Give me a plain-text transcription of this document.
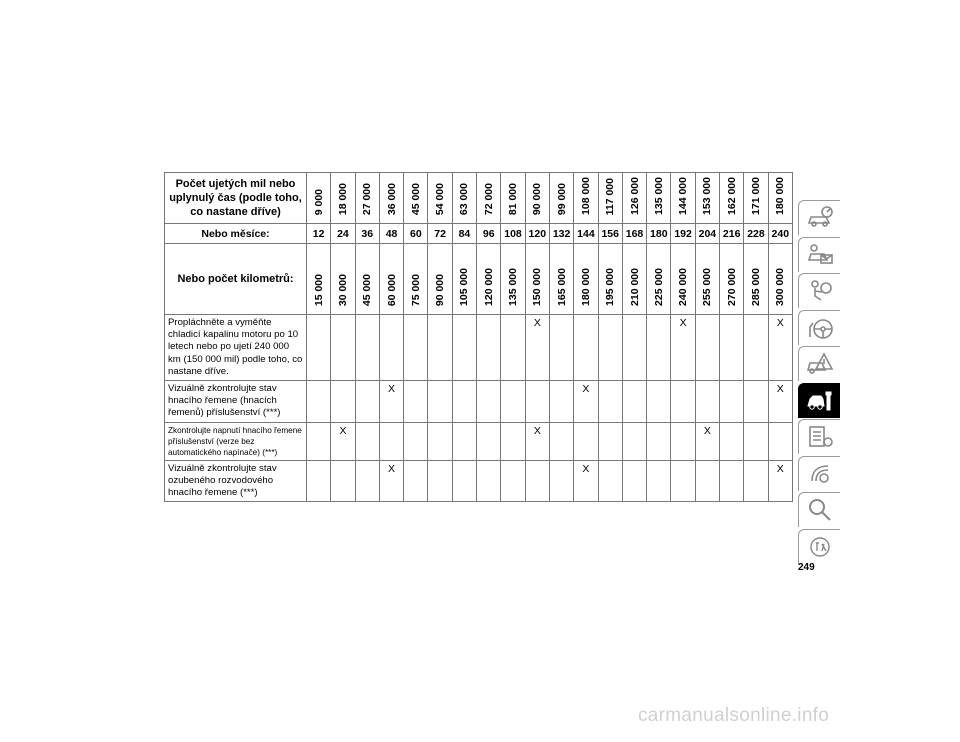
Počet ujetých mil nebo uplynulý čas (podle toho, co nastane dříve)	9 000	18 000	27 000	36 000	45 000	54 000	63 000	72 000	81 000	90 000	99 000	108 000	117 000	126 000	135 000	144 000	153 000	162 000	171 000	180 000
Nebo měsíce:	12	24	36	48	60	72	84	96	108	120	132	144	156	168	180	192	204	216	228	240
Nebo počet kilometrů:	15 000	30 000	45 000	60 000	75 000	90 000	105 000	120 000	135 000	150 000	165 000	180 000	195 000	210 000	225 000	240 000	255 000	270 000	285 000	300 000
Propláchněte a vyměňte chladicí kapalinu motoru po 10 letech nebo po ujetí 240 000 km (150 000 mil) podle toho, co nastane dříve.										X						X				X
Vizuálně zkontrolujte stav hnacího řemene (hnacích řemenů) příslušenství (***)				X								X								X
Zkontrolujte napnutí hnacího řemene příslušenství (verze bez automatického napínače) (***)		X								X							X			
Vizuálně zkontrolujte stav ozubeného rozvodového hnacího řemene (***)				X								X								X
249
carmanualsonline.info
